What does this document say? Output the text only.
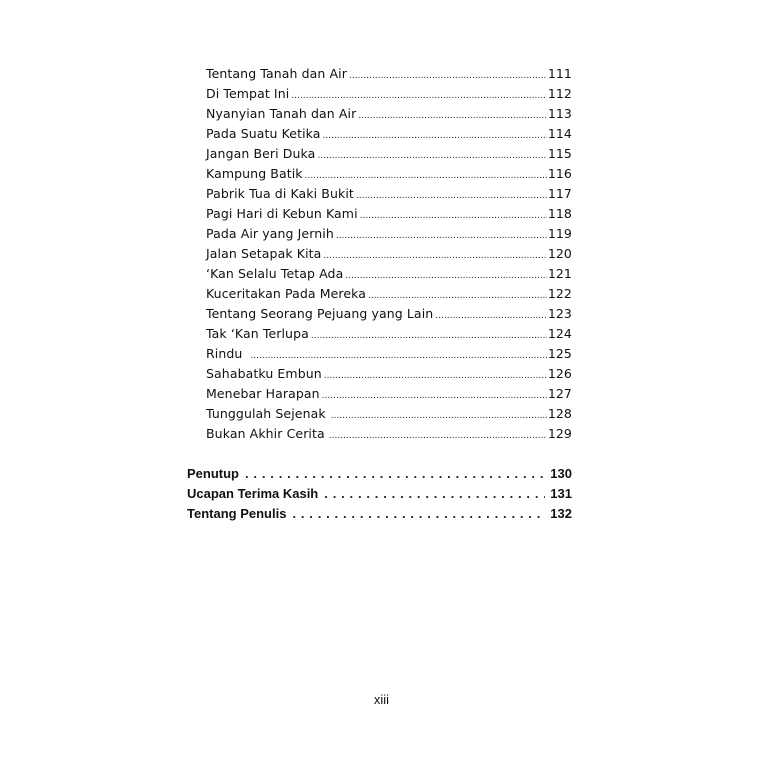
Tentang Tanah dan Air .....	111
Di Tempat Ini .....	112
Nyanyian Tanah dan Air .....	113
Pada Suatu Ketika .....	114
Jangan Beri Duka .....	115
Kampung Batik .....	116
Pabrik Tua di Kaki Bukit .....	117
Pagi Hari di Kebun Kami .....	118
Pada Air yang Jernih .....	119
Jalan Setapak Kita .....	120
‘Kan Selalu Tetap Ada .....	121
Kuceritakan Pada Mereka .....	122
Tentang Seorang Pejuang yang Lain .....	123
Tak ‘Kan Terlupa .....	124
Rindu .....	125
Sahabatku Embun .....	126
Menebar Harapan .....	127
Tunggulah Sejenak .....	128
Bukan Akhir Cerita .....	129
Penutup . . .	130
Ucapan Terima Kasih . . .	131
Tentang Penulis . . .	132
xiii
